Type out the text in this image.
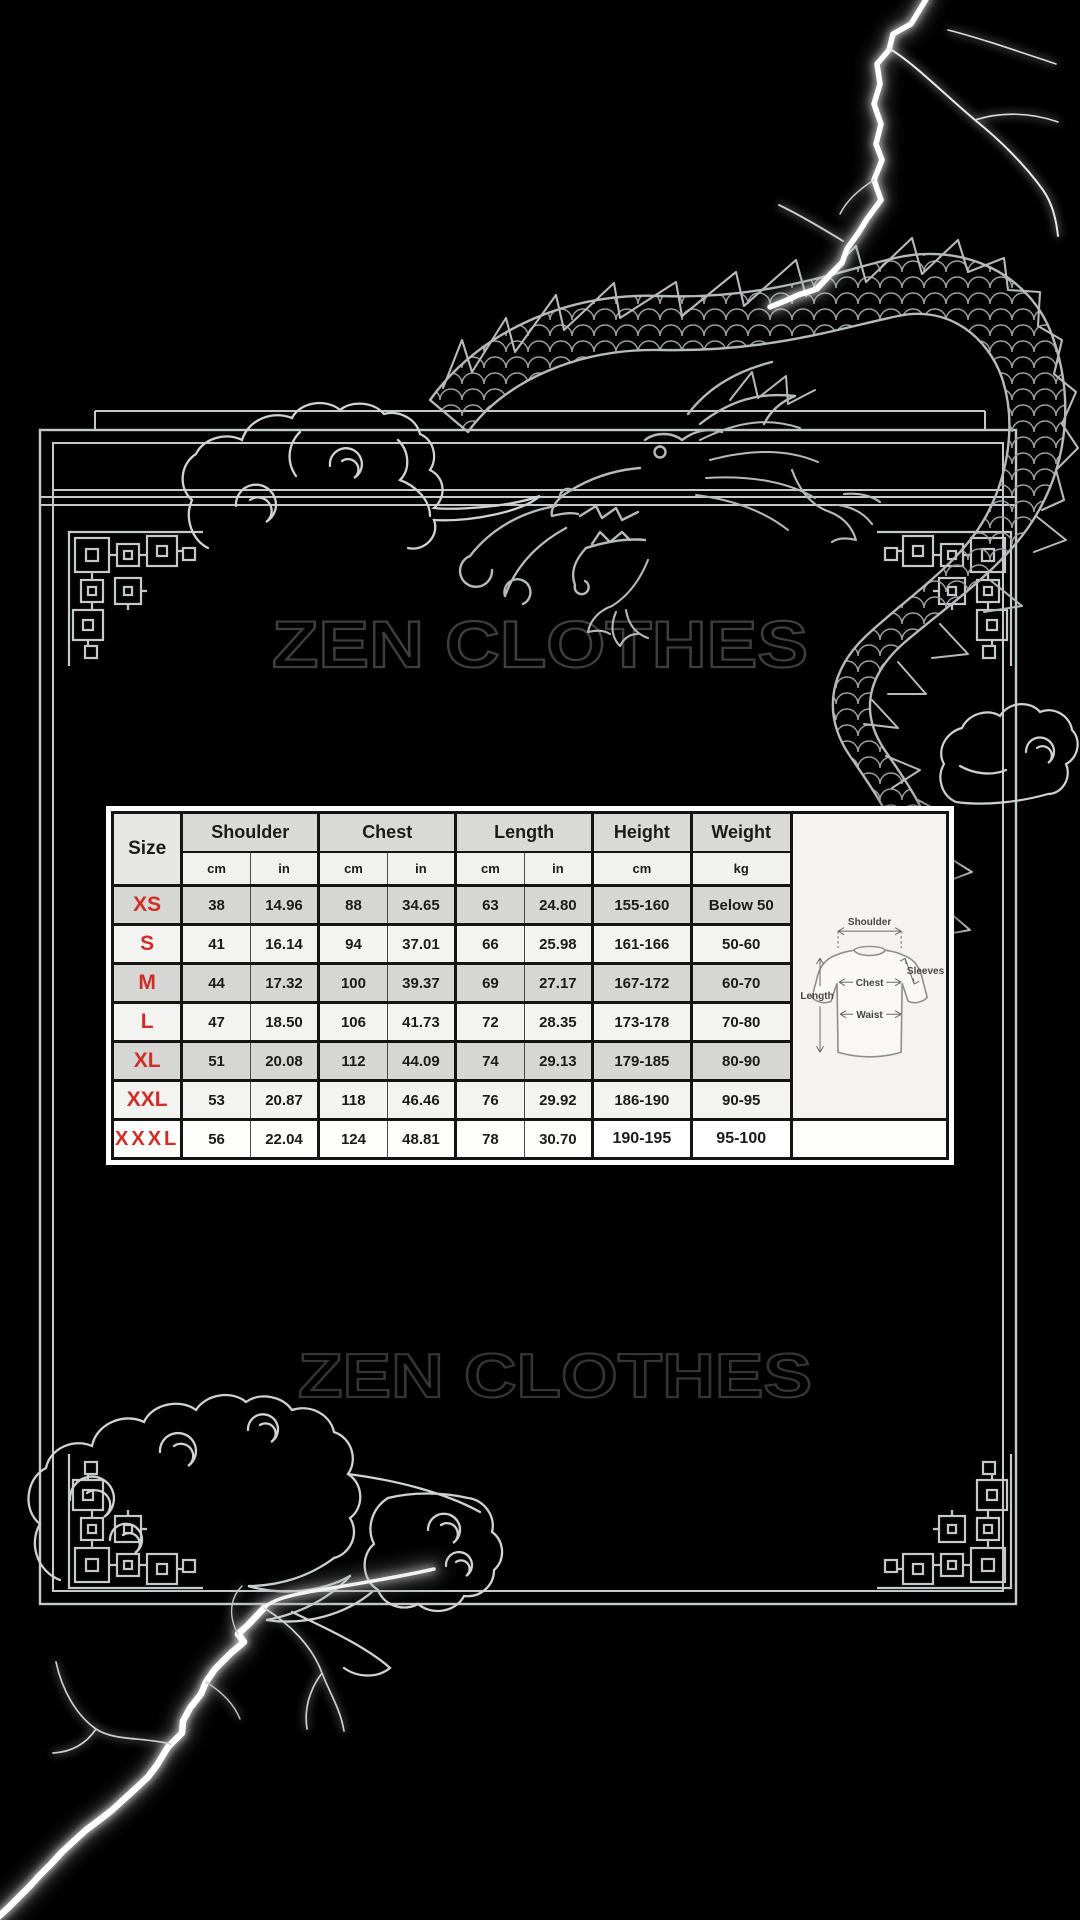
ZEN CLOTHES
ZEN CLOTHES
Size	Shoulder		Chest		Length		Height	Weight	Shoulder
Sleeves
Chest
Waist
Length

	cm	in	cm	in	cm	in	cm	kg	
XS	38	14.96	88	34.65	63	24.80	155-160	Below 50	
S	41	16.14	94	37.01	66	25.98	161-166	50-60	
M	44	17.32	100	39.37	69	27.17	167-172	60-70	
L	47	18.50	106	41.73	72	28.35	173-178	70-80	
XL	51	20.08	112	44.09	74	29.13	179-185	80-90	
XXL	53	20.87	118	46.46	76	29.92	186-190	90-95	
XXXL	56	22.04	124	48.81	78	30.70	190-195	95-100	
